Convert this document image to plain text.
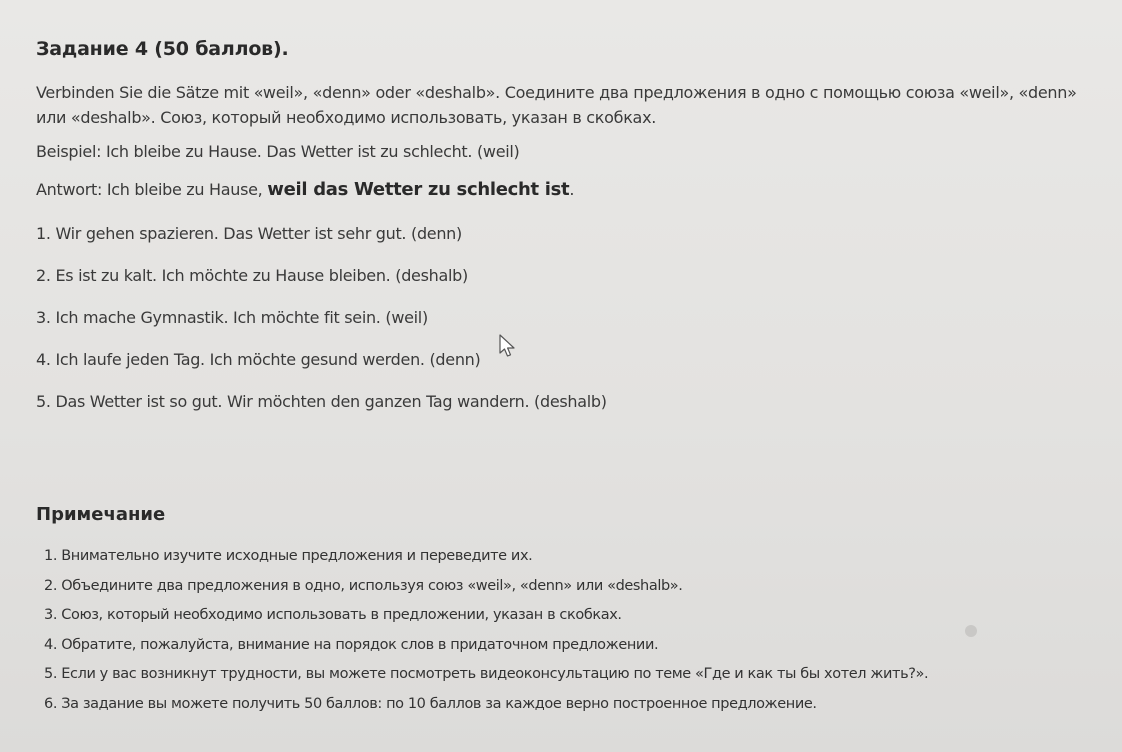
Задание 4 (50 баллов).

Verbinden Sie die Sätze mit «weil», «denn» oder «deshalb». Соедините два предложения в одно с помощью союза «weil», «denn» или «deshalb». Союз, который необходимо использовать, указан в скобках.

Beispiel: Ich bleibe zu Hause. Das Wetter ist zu schlecht. (weil)

Antwort: Ich bleibe zu Hause, weil das Wetter zu schlecht ist.

1. Wir gehen spazieren. Das Wetter ist sehr gut. (denn)
2. Es ist zu kalt. Ich möchte zu Hause bleiben. (deshalb)
3. Ich mache Gymnastik. Ich möchte fit sein. (weil)
4. Ich laufe jeden Tag. Ich möchte gesund werden. (denn)
5. Das Wetter ist so gut. Wir möchten den ganzen Tag wandern. (deshalb)
Примечание
1. Внимательно изучите исходные предложения и переведите их.
2. Объедините два предложения в одно, используя союз «weil», «denn» или «deshalb».
3. Союз, который необходимо использовать в предложении, указан в скобках.
4. Обратите, пожалуйста, внимание на порядок слов в придаточном предложении.
5. Если у вас возникнут трудности, вы можете посмотреть видеоконсультацию по теме «Где и как ты бы хотел жить?».
6. За задание вы можете получить 50 баллов: по 10 баллов за каждое верно построенное предложение.
